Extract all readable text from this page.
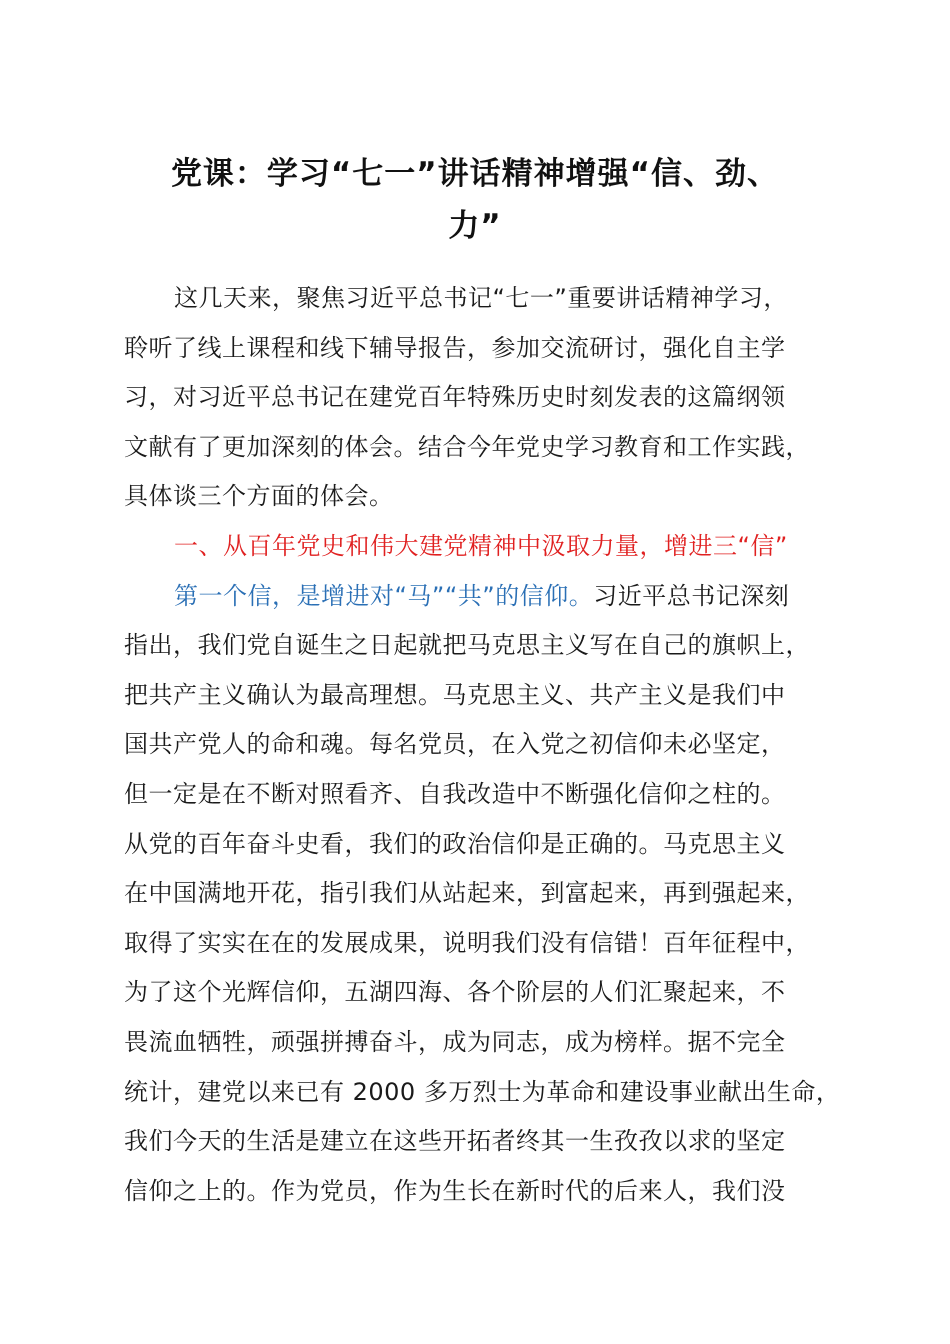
党课：学习“七一”讲话精神增强“信、劲、
力”
这几天来，聚焦习近平总书记“七一”重要讲话精神学习，
聆听了线上课程和线下辅导报告，参加交流研讨，强化自主学
习，对习近平总书记在建党百年特殊历史时刻发表的这篇纲领
文献有了更加深刻的体会。结合今年党史学习教育和工作实践，
具体谈三个方面的体会。
一、从百年党史和伟大建党精神中汲取力量，增进三“信”
第一个信，是增进对“马”“共”的信仰。习近平总书记深刻
指出，我们党自诞生之日起就把马克思主义写在自己的旗帜上，
把共产主义确认为最高理想。马克思主义、共产主义是我们中
国共产党人的命和魂。每名党员，在入党之初信仰未必坚定，
但一定是在不断对照看齐、自我改造中不断强化信仰之柱的。
从党的百年奋斗史看，我们的政治信仰是正确的。马克思主义
在中国满地开花，指引我们从站起来，到富起来，再到强起来，
取得了实实在在的发展成果，说明我们没有信错！百年征程中，
为了这个光辉信仰，五湖四海、各个阶层的人们汇聚起来，不
畏流血牺牲，顽强拼搏奋斗，成为同志，成为榜样。据不完全
统计，建党以来已有 2000 多万烈士为革命和建设事业献出生命，
我们今天的生活是建立在这些开拓者终其一生孜孜以求的坚定
信仰之上的。作为党员，作为生长在新时代的后来人，我们没
